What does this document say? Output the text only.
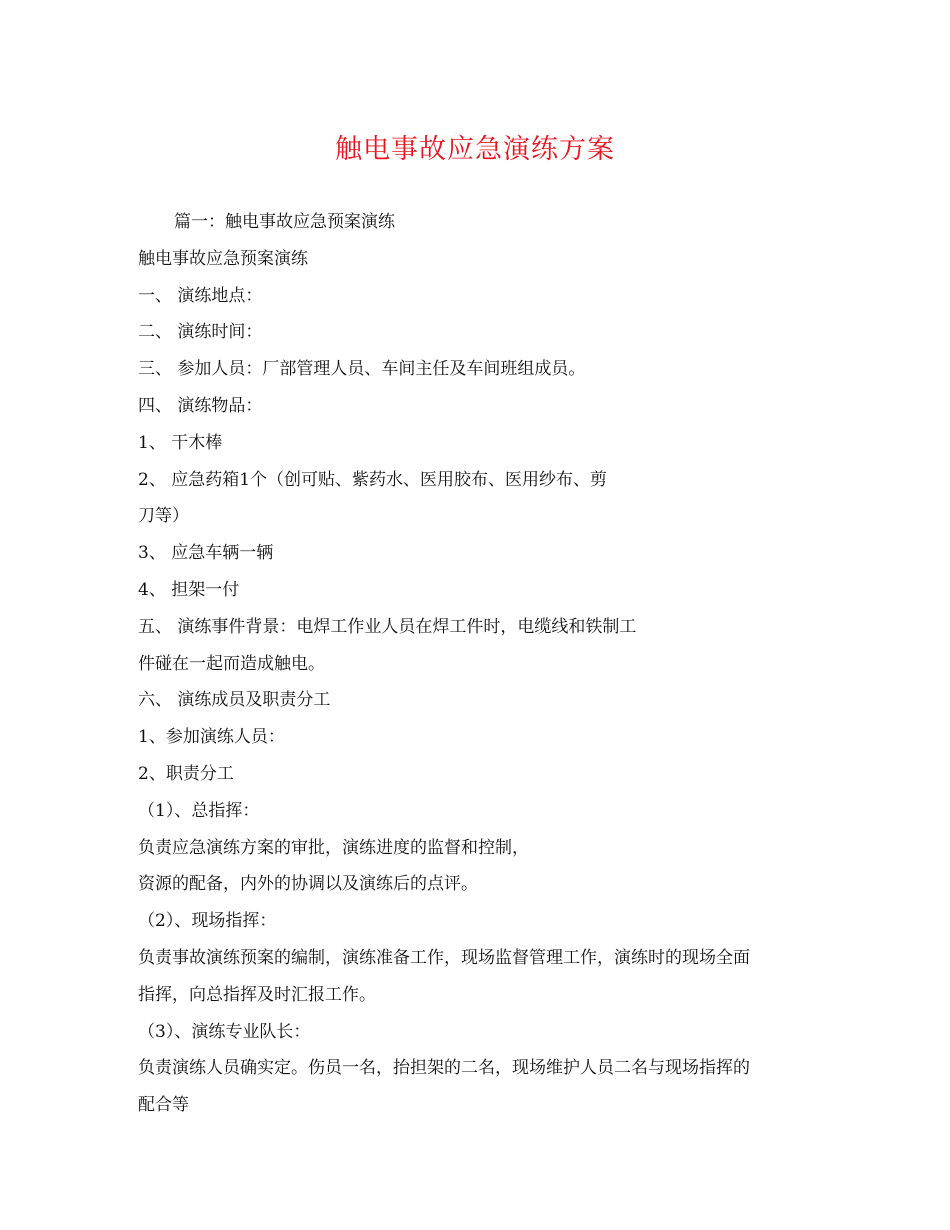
触电事故应急演练方案
篇一：触电事故应急预案演练
触电事故应急预案演练
一、 演练地点：
二、 演练时间：
三、 参加人员：厂部管理人员、车间主任及车间班组成员。
四、 演练物品：
1、 干木棒
2、 应急药箱1个（创可贴、紫药水、医用胶布、医用纱布、剪
刀等）
3、 应急车辆一辆
4、 担架一付
五、 演练事件背景：电焊工作业人员在焊工件时，电缆线和铁制工
件碰在一起而造成触电。
六、 演练成员及职责分工
1、参加演练人员：
2、职责分工
（1）、总指挥：
负责应急演练方案的审批，演练进度的监督和控制，
资源的配备，内外的协调以及演练后的点评。
（2）、现场指挥：
负责事故演练预案的编制，演练准备工作，现场监督管理工作，演练时的现场全面
指挥，向总指挥及时汇报工作。
（3）、演练专业队长：
负责演练人员确实定。伤员一名，抬担架的二名，现场维护人员二名与现场指挥的
配合等
